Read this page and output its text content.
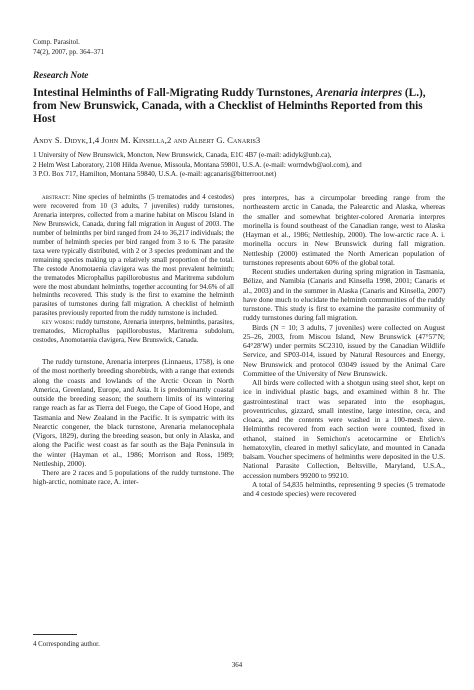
Comp. Parasitol.
74(2), 2007, pp. 364–371
Research Note
Intestinal Helminths of Fall-Migrating Ruddy Turnstones, Arenaria interpres (L.), from New Brunswick, Canada, with a Checklist of Helminths Reported from this Host
Andy S. Didyk,1,4 John M. Kinsella,2 and Albert G. Canaris3
1 University of New Brunswick, Moncton, New Brunswick, Canada, E1C 4B7 (e-mail: adidyk@unb.ca),
2 Helm West Laboratory, 2108 Hilda Avenue, Missoula, Montana 59801, U.S.A. (e-mail: wormdwb@aol.com), and
3 P.O. Box 717, Hamilton, Montana 59840, U.S.A. (e-mail: agcanaris@bitterroot.net)

abstract: Nine species of helminths (5 trematodes and 4 cestodes) were recovered from 10 (3 adults, 7 juveniles) ruddy turnstones, Arenaria interpres, collected from a marine habitat on Miscou Island in New Brunswick, Canada, during fall migration in August of 2003. The number of helminths per bird ranged from 24 to 36,217 individuals; the number of helminth species per bird ranged from 3 to 6. The parasite taxa were typically distributed, with 2 or 3 species predominant and the remaining species making up a relatively small proportion of the total. The cestode Anomotaenia clavigera was the most prevalent helminth; the trematodes Microphallus papillorobustus and Maritrema subdolum were the most abundant helminths, together accounting for 94.6% of all helminths recovered. This study is the first to examine the helminth parasites of turnstones during fall migration. A checklist of helminth parasites previously reported from the ruddy turnstone is included.

key words: ruddy turnstone, Arenaria interpres, helminths, parasites, trematodes, Microphallus papillorobustus, Maritrema subdolum, cestodes, Anomotaenia clavigera, New Brunswick, Canada.

The ruddy turnstone, Arenaria interpres (Linnaeus, 1758), is one of the most northerly breeding shorebirds, with a range that extends along the coasts and lowlands of the Arctic Ocean in North America, Greenland, Europe, and Asia. It is predominantly coastal outside the breeding season; the southern limits of its wintering range reach as far as Tierra del Fuego, the Cape of Good Hope, and Tasmania and New Zealand in the Pacific. It is sympatric with its Nearctic congener, the black turnstone, Arenaria melanocephala (Vigors, 1829), during the breeding season, but only in Alaska, and along the Pacific west coast as far south as the Baja Peninsula in the winter (Hayman et al., 1986; Morrison and Ross, 1989; Nettleship, 2000).

There are 2 races and 5 populations of the ruddy turnstone. The high-arctic, nominate race, A. inter-

pres interpres, has a circumpolar breeding range from the northeastern arctic in Canada, the Palearctic and Alaska, whereas the smaller and somewhat brighter-colored Arenaria interpres morinella is found southeast of the Canadian range, west to Alaska (Hayman et al., 1986; Nettleship, 2000). The low-arctic race A. i. morinella occurs in New Brunswick during fall migration. Nettleship (2000) estimated the North American population of turnstones represents about 60% of the global total.

Recent studies undertaken during spring migration in Tasmania, Bélize, and Namibia (Canaris and Kinsella 1998, 2001; Canaris et al., 2003) and in the summer in Alaska (Canaris and Kinsella, 2007) have done much to elucidate the helminth communities of the ruddy turnstone. This study is first to examine the parasite community of ruddy turnstones during fall migration.

Birds (N = 10; 3 adults, 7 juveniles) were collected on August 25–26, 2003, from Miscou Island, New Brunswick (47°57′N; 64°28′W) under permits SC2310, issued by the Canadian Wildlife Service, and SP03-014, issued by Natural Resources and Energy, New Brunswick and protocol 03049 issued by the Animal Care Committee of the University of New Brunswick.

All birds were collected with a shotgun using steel shot, kept on ice in individual plastic bags, and examined within 8 hr. The gastrointestinal tract was separated into the esophagus, proventriculus, gizzard, small intestine, large intestine, ceca, and cloaca, and the contents were washed in a 100-mesh sieve. Helminths recovered from each section were counted, fixed in ethanol, stained in Semichon's acetocarmine or Ehrlich's hematoxylin, cleared in methyl salicylate, and mounted in Canada balsam. Voucher specimens of helminths were deposited in the U.S. National Parasite Collection, Beltsville, Maryland, U.S.A., accession numbers 99200 to 99210.

A total of 54,835 helminths, representing 9 species (5 trematode and 4 cestode species) were recovered

4 Corresponding author.
364
